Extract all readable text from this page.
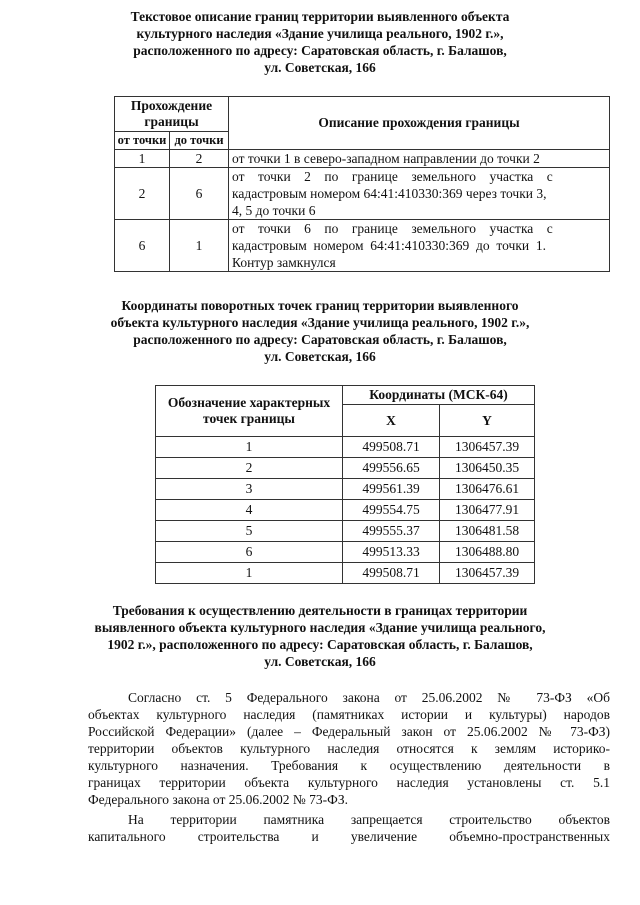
Текстовое описание границ территории выявленного объекта
культурного наследия «Здание училища реального, 1902 г.»,
расположенного по адресу: Саратовская область, г. Балашов,
ул. Советская, 166
Прохождение границы		Описание прохождения границы
от точки	до точки	
1	2	от точки 1 в северо-западном направлении до точки 2
2	6	от    точки    2    по    границе    земельного    участка    с
кадастровым номером 64:41:410330:369 через точки 3,
4, 5 до точки 6

6	1	от    точки    6    по    границе    земельного    участка    с
кадастровым  номером  64:41:410330:369  до  точки  1.
Контур замкнулся
Координаты поворотных точек границ территории выявленного
объекта культурного наследия «Здание училища реального, 1902 г.»,
расположенного по адресу: Саратовская область, г. Балашов,
ул. Советская, 166
Обозначение характерных точек границы	Координаты (МСК-64)	
	X	Y
1	499508.71	1306457.39
2	499556.65	1306450.35
3	499561.39	1306476.61
4	499554.75	1306477.91
5	499555.37	1306481.58
6	499513.33	1306488.80
1	499508.71	1306457.39
Требования к осуществлению деятельности в границах территории
выявленного объекта культурного наследия «Здание училища реального,
1902 г.», расположенного по адресу: Саратовская область, г. Балашов,
ул. Советская, 166

Согласно ст. 5 Федерального закона от 25.06.2002 № 73-ФЗ «Об
объектах культурного наследия (памятниках истории и культуры) народов
Российской Федерации» (далее – Федеральный закон от 25.06.2002 № 73-ФЗ)
территории объектов культурного наследия относятся к землям историко-
культурного назначения. Требования к осуществлению деятельности в
границах территории объекта культурного наследия установлены ст. 5.1
Федерального закона от 25.06.2002 № 73-ФЗ.

На территории памятника запрещается строительство объектов
капитального строительства и увеличение объемно-пространственных
